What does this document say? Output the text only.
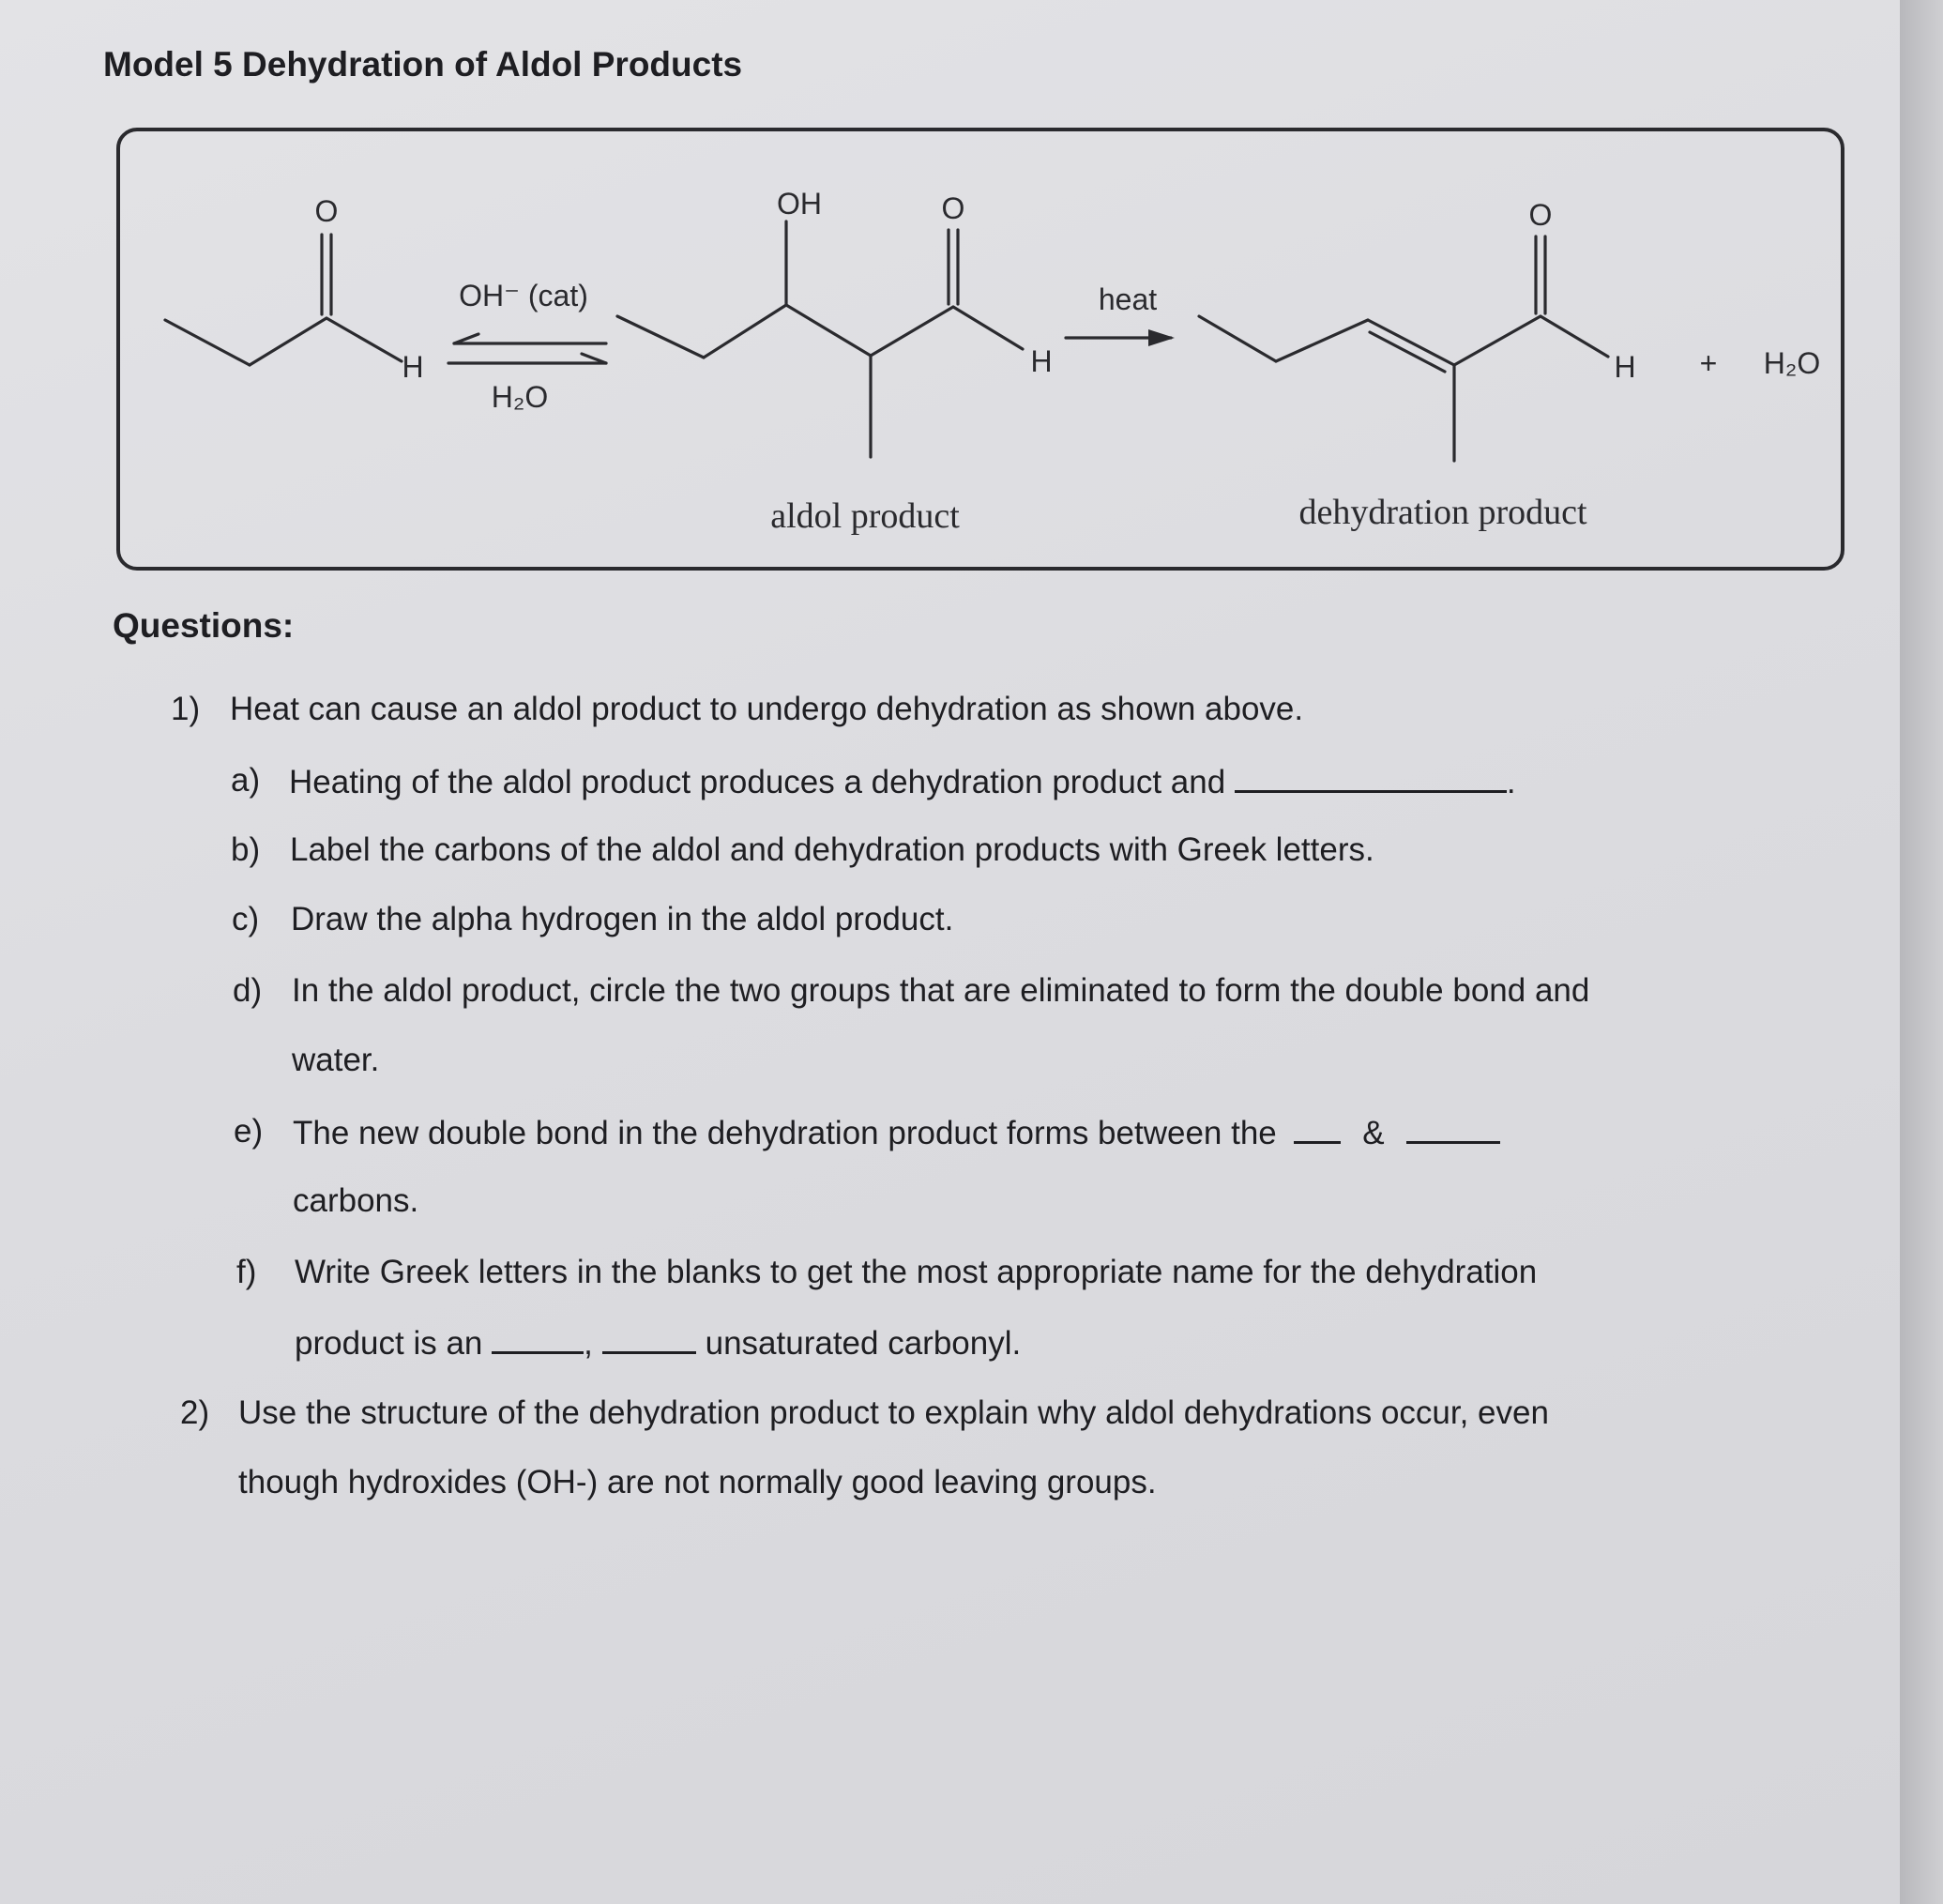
Model 5 Dehydration of Aldol Products
O
H
OH⁻ (cat)
H₂O
OH	O
H
heat
O
H + H₂O
aldol product	dehydration product
Questions:
1) Heat can cause an aldol product to undergo dehydration as shown above.
a) Heating of the aldol product produces a dehydration product and	.
b) Label the carbons of the aldol and dehydration products with Greek letters.
c) Draw the alpha hydrogen in the aldol product.
d) In the aldol product, circle the two groups that are eliminated to form the double bond and
water.
e) The new double bond in the dehydration product forms between the	&
carbons.
f) Write Greek letters in the blanks to get the most appropriate name for the dehydration
product is an	,	unsaturated carbonyl.
2) Use the structure of the dehydration product to explain why aldol dehydrations occur, even
though hydroxides (OH-) are not normally good leaving groups.
